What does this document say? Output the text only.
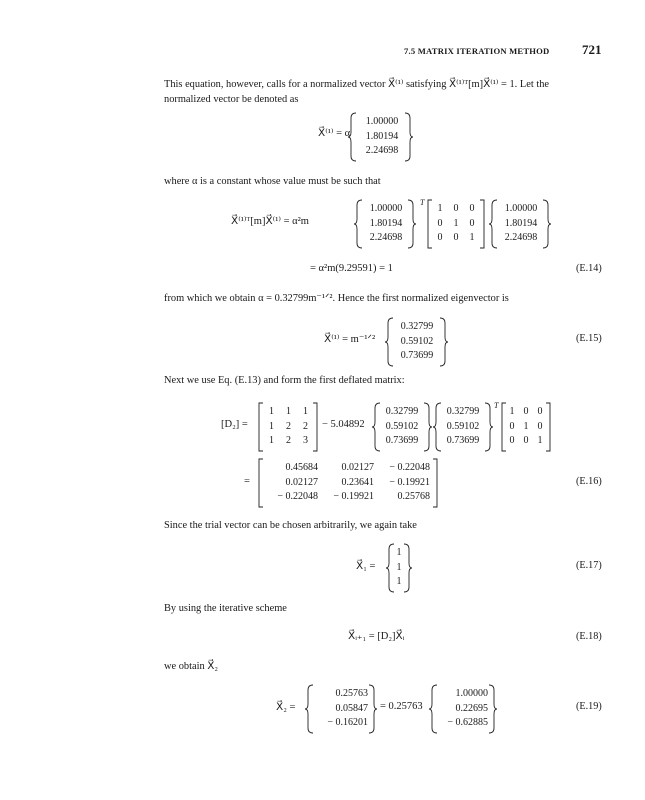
7.5 MATRIX ITERATION METHOD	721
This equation, however, calls for a normalized vector X⃗⁽¹⁾ satisfying X⃗⁽¹⁾ᵀ[m]X⃗⁽¹⁾ = 1. Let the
normalized vector be denoted as
X⃗⁽¹⁾ = α
1.00000
1.80194
2.24698
where α is a constant whose value must be such that
X⃗⁽¹⁾ᵀ[m]X⃗⁽¹⁾ = α²m
1.00000
1.80194
2.24698
T
1	0	0
0	1	0
0	0	1
1.00000
1.80194
2.24698
= α²m(9.29591) = 1	(E.14)
from which we obtain α = 0.32799m⁻¹ᐟ². Hence the first normalized eigenvector is
X⃗⁽¹⁾ = m⁻¹ᐟ²
0.32799
0.59102
0.73699
(E.15)
Next we use Eq. (E.13) and form the first deflated matrix:
[D₂] =
1	1	1
1	2	2
1	2	3
− 5.04892
0.32799
0.59102
0.73699
0.32799
0.59102
0.73699
T
1 0 0
0 1 0
0 0 1
=
0.45684	0.02127	− 0.22048
0.02127	0.23641	− 0.19921
− 0.22048	− 0.19921	0.25768
(E.16)
Since the trial vector can be chosen arbitrarily, we again take
X⃗₁ =
1
1
1
(E.17)
By using the iterative scheme
X⃗ᵢ₊₁ = [D₂]X⃗ᵢ	(E.18)
we obtain X⃗₂
X⃗₂ =
0.25763
0.05847
− 0.16201
= 0.25763
1.00000
0.22695
− 0.62885
(E.19)
